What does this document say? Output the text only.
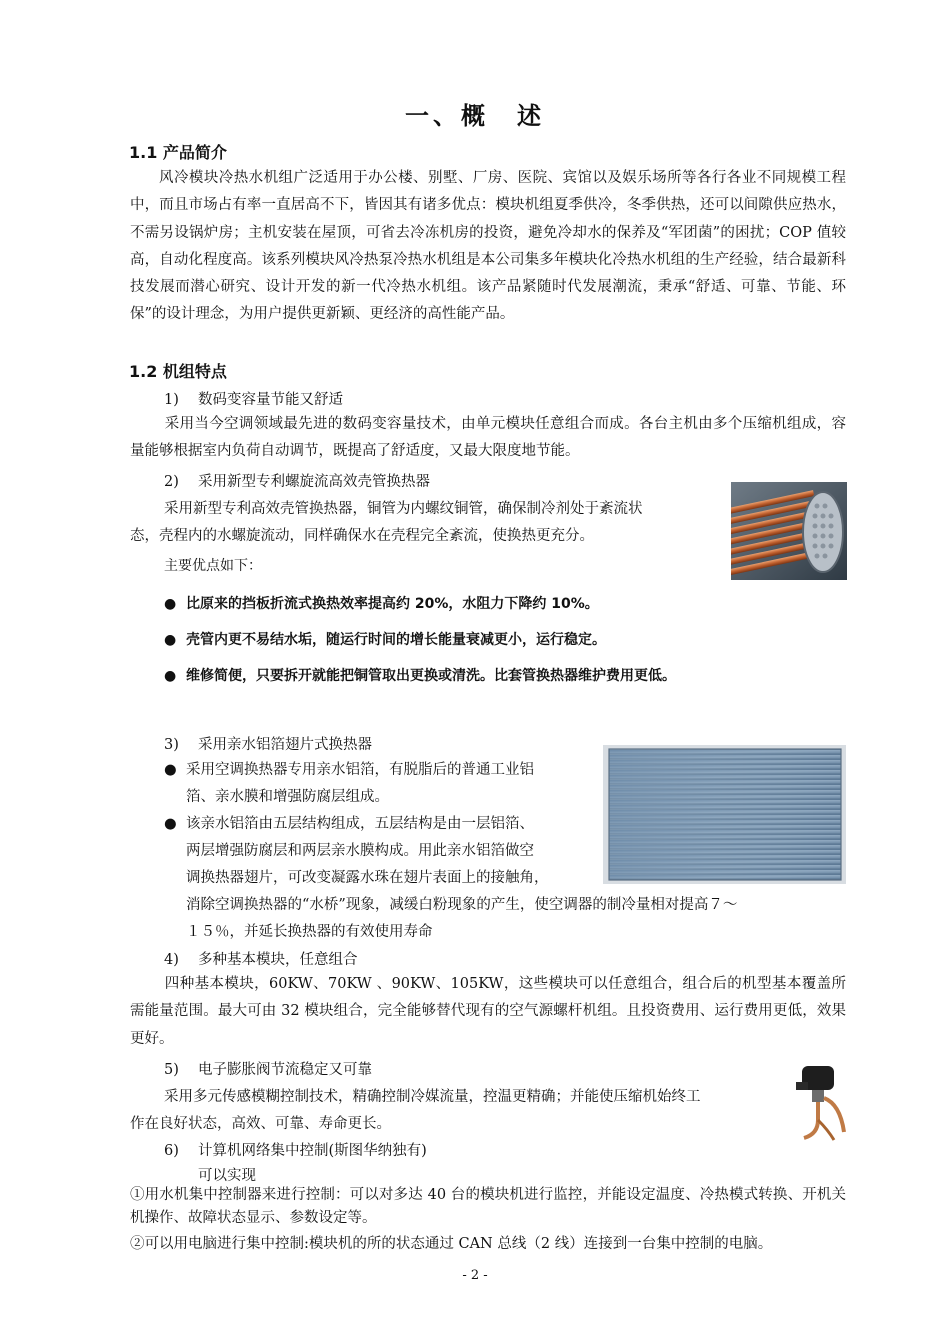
一、概　述
1.1 产品简介
风冷模块冷热水机组广泛适用于办公楼、别墅、厂房、医院、宾馆以及娱乐场所等各行各业不同规模工程中，而且市场占有率一直居高不下，皆因其有诸多优点：模块机组夏季供冷，冬季供热，还可以间隙供应热水，不需另设锅炉房；主机安装在屋顶，可省去冷冻机房的投资，避免冷却水的保养及“军团菌”的困扰；COP 值较高，自动化程度高。该系列模块风冷热泵冷热水机组是本公司集多年模块化冷热水机组的生产经验，结合最新科技发展而潜心研究、设计开发的新一代冷热水机组。该产品紧随时代发展潮流，秉承“舒适、可靠、节能、环保”的设计理念，为用户提供更新颖、更经济的高性能产品。
1.2 机组特点
1) 数码变容量节能又舒适
采用当今空调领域最先进的数码变容量技术，由单元模块任意组合而成。各台主机由多个压缩机组成，容量能够根据室内负荷自动调节，既提高了舒适度，又最大限度地节能。
2) 采用新型专利螺旋流高效壳管换热器
采用新型专利高效壳管换热器，铜管为内螺纹铜管，确保制冷剂处于紊流状
态，壳程内的水螺旋流动，同样确保水在壳程完全紊流，使换热更充分。
主要优点如下：
● 比原来的挡板折流式换热效率提高约 20%，水阻力下降约 10%。
● 壳管内更不易结水垢，随运行时间的增长能量衰减更小，运行稳定。
● 维修简便，只要拆开就能把铜管取出更换或清洗。比套管换热器维护费用更低。
3) 采用亲水铝箔翅片式换热器
● 采用空调换热器专用亲水铝箔，有脱脂后的普通工业铝
箔、亲水膜和增强防腐层组成。
● 该亲水铝箔由五层结构组成，五层结构是由一层铝箔、
两层增强防腐层和两层亲水膜构成。用此亲水铝箔做空
调换热器翅片，可改变凝露水珠在翅片表面上的接触角，
消除空调换热器的“水桥”现象，减缓白粉现象的产生，使空调器的制冷量相对提高７～
１５％，并延长换热器的有效使用寿命
4) 多种基本模块，任意组合
四种基本模块，60KW、70KW 、90KW、105KW，这些模块可以任意组合，组合后的机型基本覆盖所需能量范围。最大可由 32 模块组合，完全能够替代现有的空气源螺杆机组。且投资费用、运行费用更低，效果更好。
5) 电子膨胀阀节流稳定又可靠
采用多元传感模糊控制技术，精确控制冷媒流量，控温更精确；并能使压缩机始终工
作在良好状态，高效、可靠、寿命更长。
6) 计算机网络集中控制(斯图华纳独有)
可以实现
①用水机集中控制器来进行控制：可以对多达 40 台的模块机进行监控，并能设定温度、冷热模式转换、开机关机操作、故障状态显示、参数设定等。
②可以用电脑进行集中控制:模块机的所的状态通过 CAN 总线（2 线）连接到一台集中控制的电脑。
- 2 -
